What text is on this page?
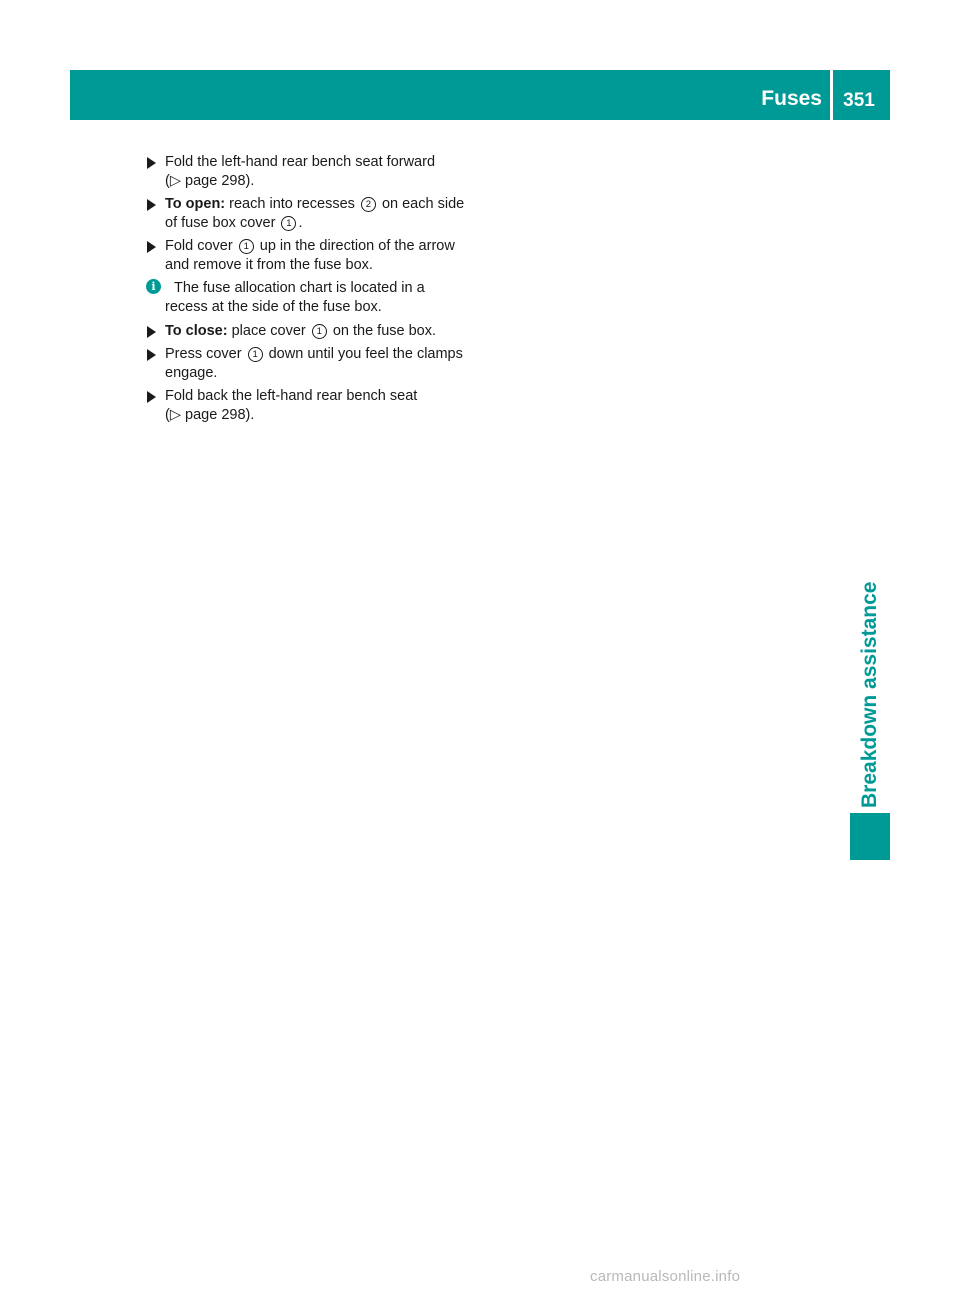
Fuses	351
Fold the left-hand rear bench seat forward
(▷ page 298).
To open: reach into recesses 2 on each side
of fuse box cover 1 .
Fold cover 1 up in the direction of the arrow
and remove it from the fuse box.
i	The fuse allocation chart is located in a
recess at the side of the fuse box.
To close: place cover 1 on the fuse box.
Press cover 1 down until you feel the clamps
engage.
Fold back the left-hand rear bench seat
(▷ page 298).
Breakdown assistance
carmanualsonline.info
